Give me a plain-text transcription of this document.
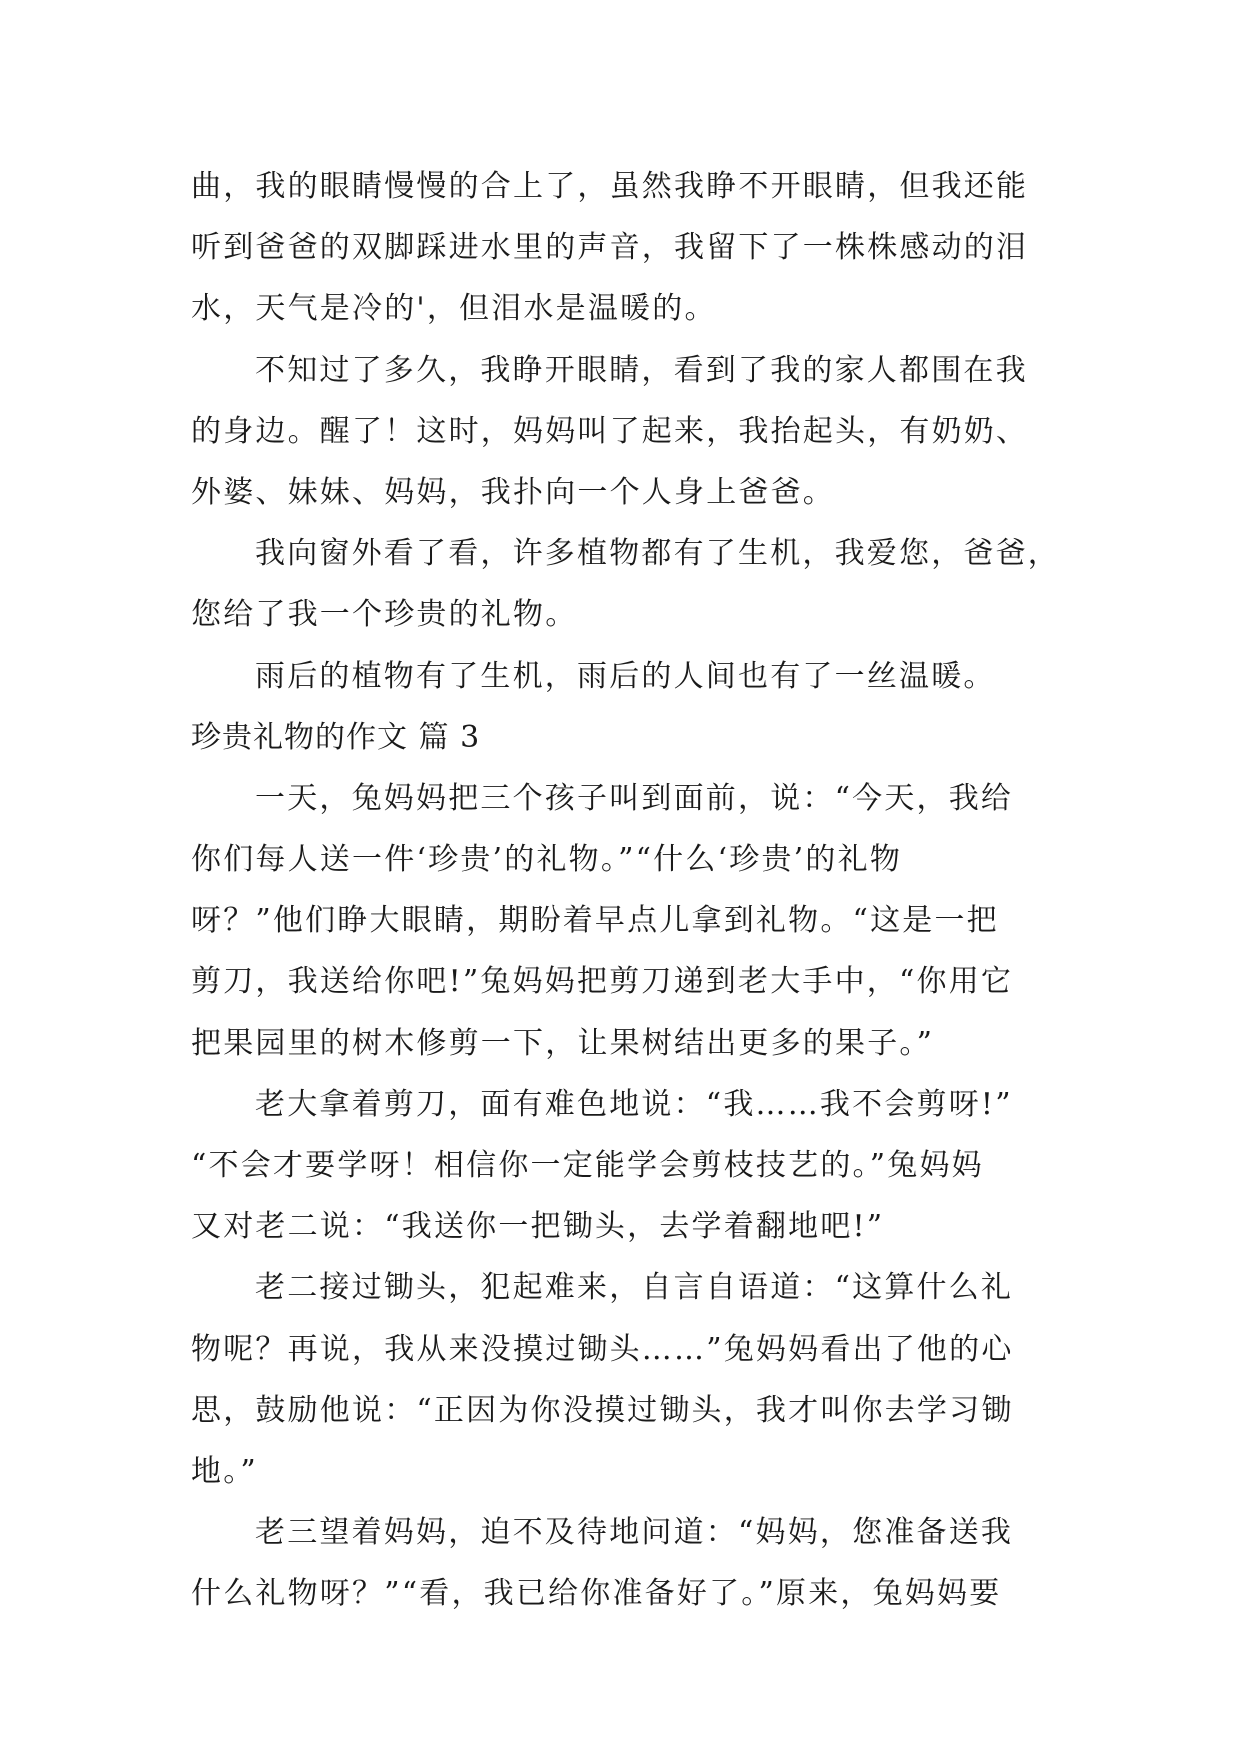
曲，我的眼睛慢慢的合上了，虽然我睁不开眼睛，但我还能
听到爸爸的双脚踩进水里的声音，我留下了一株株感动的泪
水，天气是冷的'，但泪水是温暖的。
不知过了多久，我睁开眼睛，看到了我的家人都围在我
的身边。醒了！这时，妈妈叫了起来，我抬起头，有奶奶、
外婆、妹妹、妈妈，我扑向一个人身上爸爸。
我向窗外看了看，许多植物都有了生机，我爱您，爸爸，
您给了我一个珍贵的礼物。
雨后的植物有了生机，雨后的人间也有了一丝温暖。
珍贵礼物的作文 篇 3
一天，兔妈妈把三个孩子叫到面前，说：“今天，我给
你们每人送一件‘珍贵’的礼物。”“什么‘珍贵’的礼物
呀？”他们睁大眼睛，期盼着早点儿拿到礼物。“这是一把
剪刀，我送给你吧!”兔妈妈把剪刀递到老大手中，“你用它
把果园里的树木修剪一下，让果树结出更多的果子。”
老大拿着剪刀，面有难色地说：“我……我不会剪呀!”
“不会才要学呀！相信你一定能学会剪枝技艺的。”兔妈妈
又对老二说：“我送你一把锄头，去学着翻地吧!”
老二接过锄头，犯起难来，自言自语道：“这算什么礼
物呢？再说，我从来没摸过锄头……”兔妈妈看出了他的心
思，鼓励他说：“正因为你没摸过锄头，我才叫你去学习锄
地。”
老三望着妈妈，迫不及待地问道：“妈妈，您准备送我
什么礼物呀？”“看，我已给你准备好了。”原来，兔妈妈要
